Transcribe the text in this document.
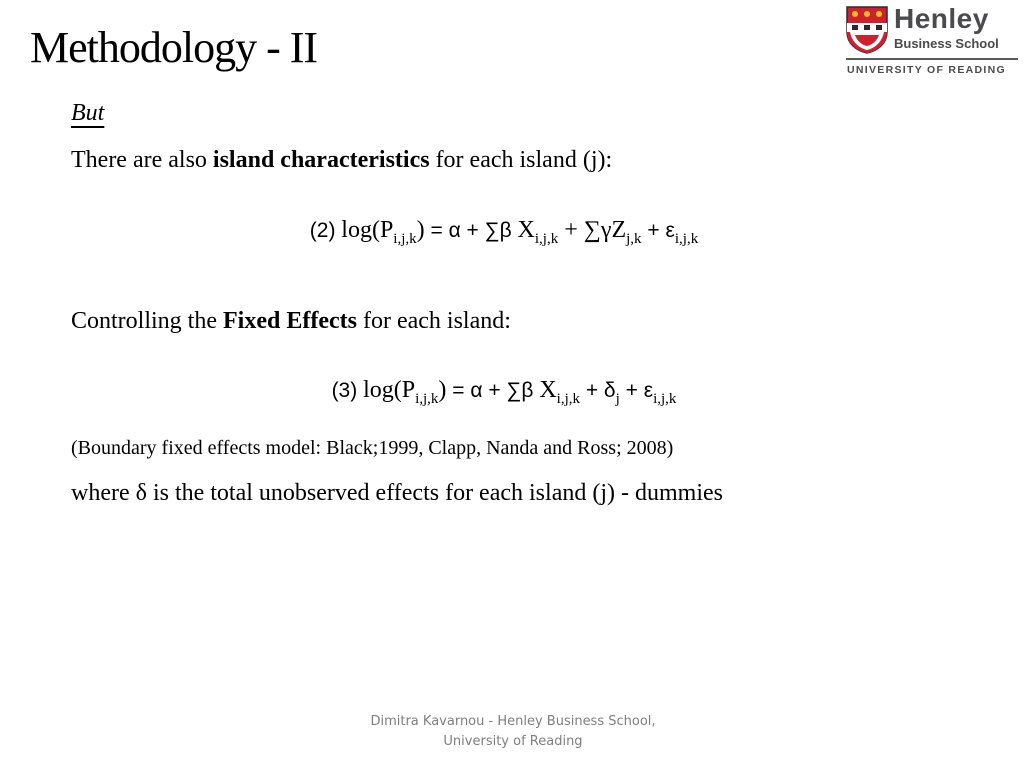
Methodology - II
Henley
Business School
UNIVERSITY OF READING
But
There are also island characteristics for each island (j):
(2) $\log(P_{i,j,k}) = \alpha + \sum\beta$ $X_{i,j,k} + \sum\gamma Z_{j,k} + \varepsilon_{i,j,k}$
Controlling the Fixed Effects for each island:
(3) $\log(P_{i,j,k}) = \alpha + \sum\beta$ $X_{i,j,k} + \delta_j + \varepsilon_{i,j,k}$
(Boundary fixed effects model: Black;1999, Clapp, Nanda and Ross; 2008)
where δ is the total unobserved effects for each island (j) - dummies
Dimitra Kavarnou - Henley Business School,
University of Reading
